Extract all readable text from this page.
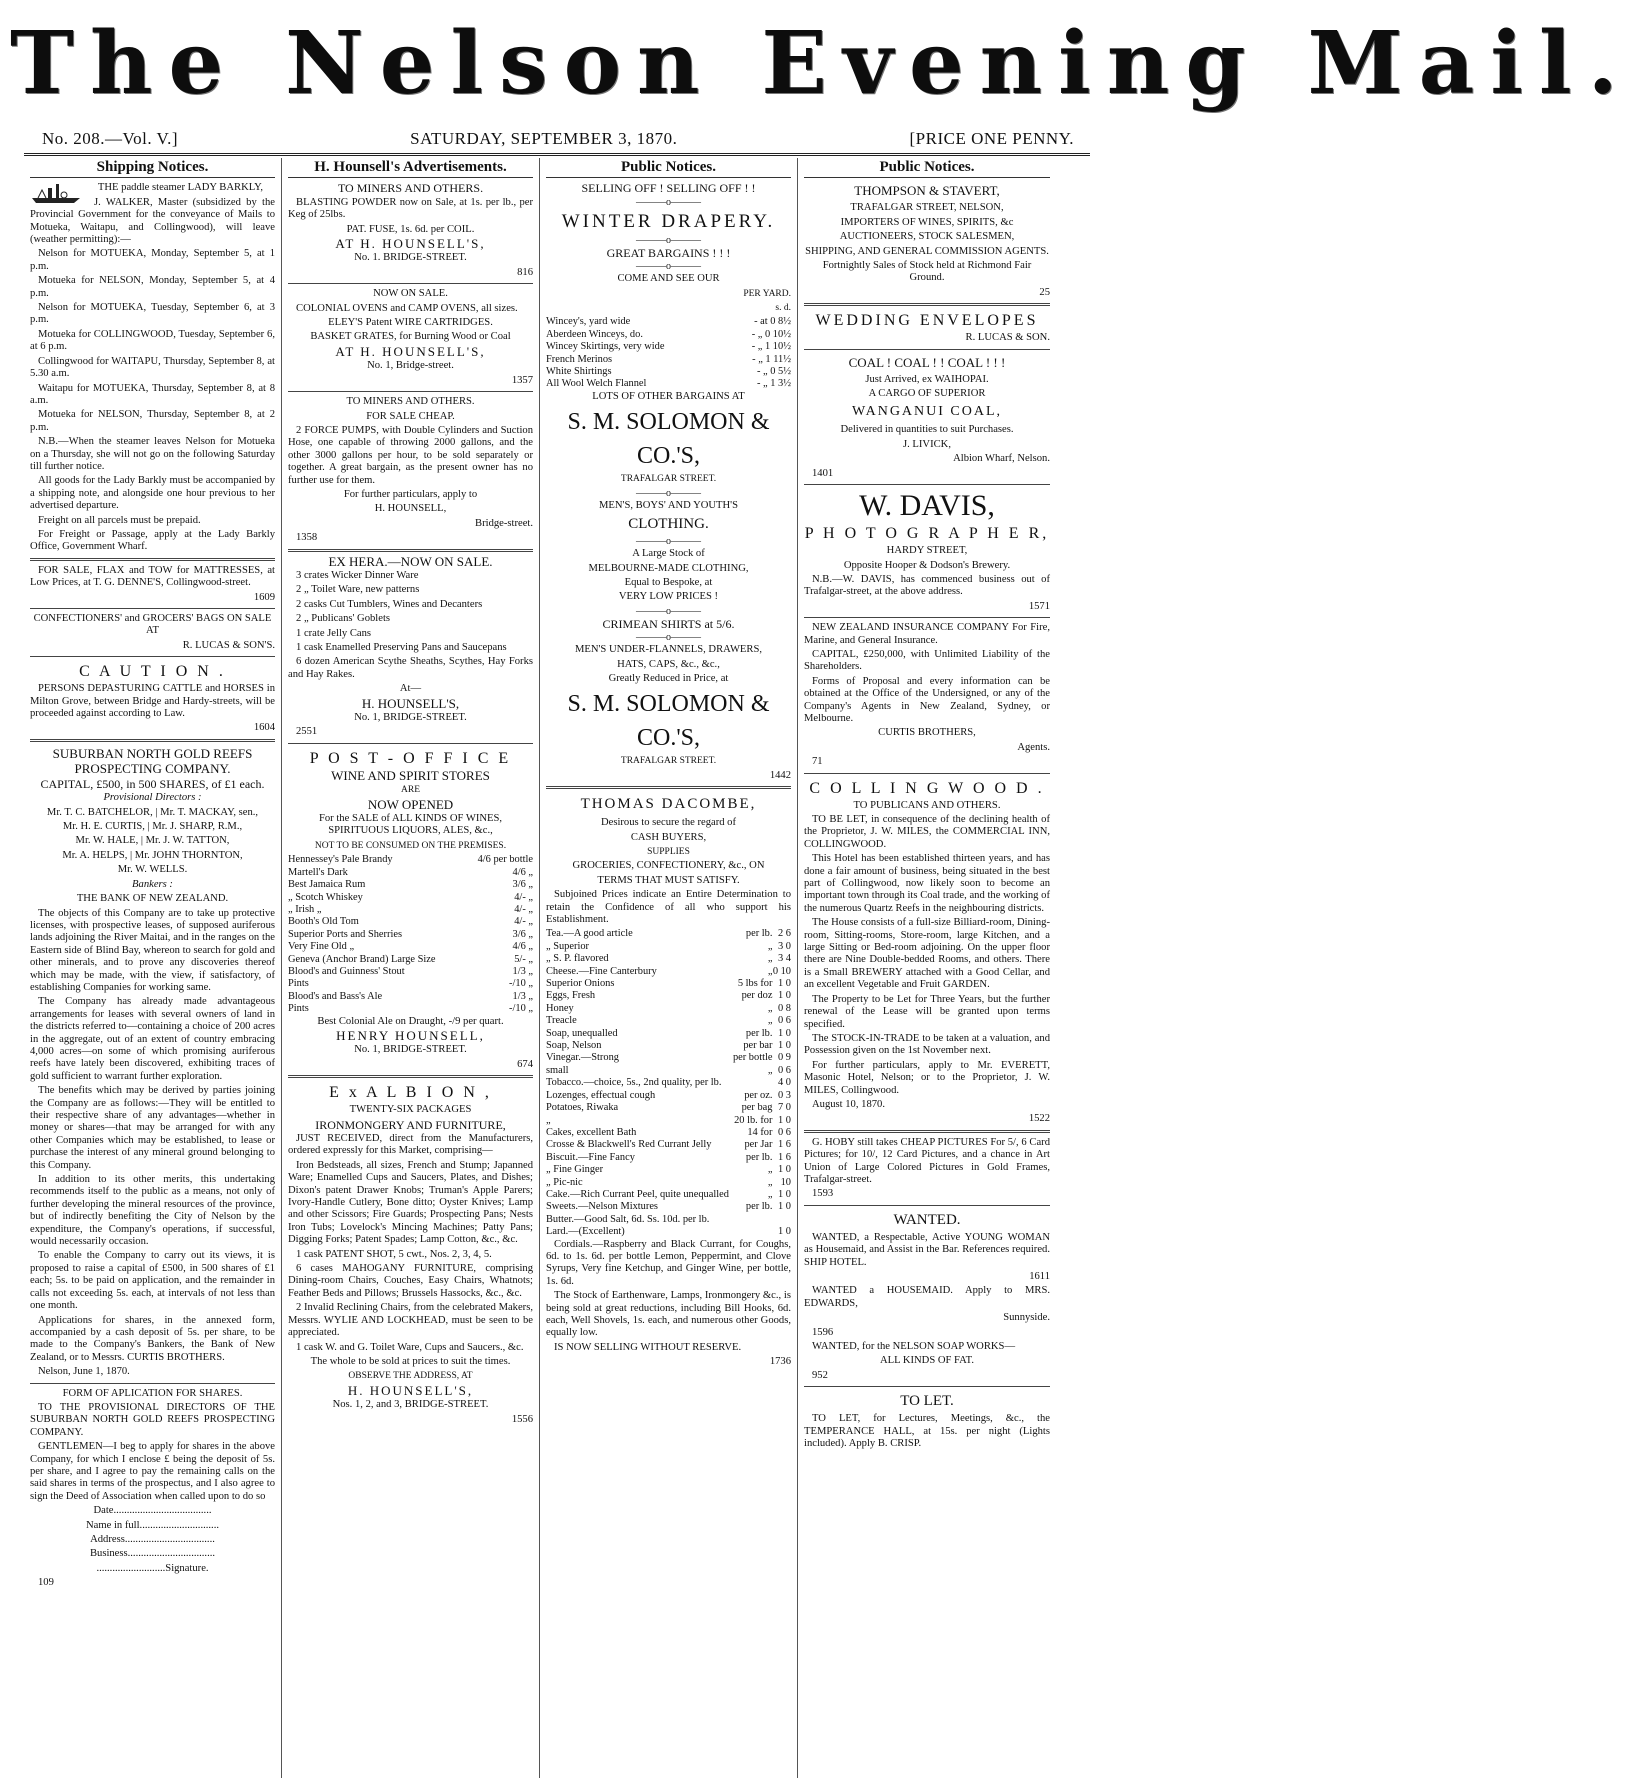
The Nelson Evening Mail.
No. 208.—Vol. V.]	SATURDAY, SEPTEMBER 3, 1870.	[PRICE ONE PENNY.
Shipping Notices.

THE paddle steamer LADY BARKLY,

J. WALKER, Master (subsidized by the Provincial Government for the conveyance of Mails to Motueka, Waitapu, and Collingwood), will leave (weather permitting):—

Nelson for MOTUEKA, Monday, September 5, at 1 p.m.

Motueka for NELSON, Monday, September 5, at 4 p.m.

Nelson for MOTUEKA, Tuesday, September 6, at 3 p.m.

Motueka for COLLINGWOOD, Tuesday, September 6, at 6 p.m.

Collingwood for WAITAPU, Thursday, September 8, at 5.30 a.m.

Waitapu for MOTUEKA, Thursday, September 8, at 8 a.m.

Motueka for NELSON, Thursday, September 8, at 2 p.m.

N.B.—When the steamer leaves Nelson for Motueka on a Thursday, she will not go on the following Saturday till further notice.

All goods for the Lady Barkly must be accompanied by a shipping note, and alongside one hour previous to her advertised departure.

Freight on all parcels must be prepaid.

For Freight or Passage, apply at the Lady Barkly Office, Government Wharf.

FOR SALE, FLAX and TOW for MATTRESSES, at Low Prices, at T. G. DENNE'S, Collingwood-street.

1609

CONFECTIONERS' and GROCERS' BAGS ON SALE AT

R. LUCAS & SON'S.

C A U T I O N .

PERSONS DEPASTURING CATTLE and HORSES in Milton Grove, between Bridge and Hardy-streets, will be proceeded against according to Law.

1604

SUBURBAN NORTH GOLD REEFS PROSPECTING COMPANY.

CAPITAL, £500, in 500 SHARES, of £1 each.

Provisional Directors :

Mr. T. C. BATCHELOR, | Mr. T. MACKAY, sen.,

Mr. H. E. CURTIS, | Mr. J. SHARP, R.M.,

Mr. W. HALE, | Mr. J. W. TATTON,

Mr. A. HELPS, | Mr. JOHN THORNTON,

Mr. W. WELLS.

Bankers :

THE BANK OF NEW ZEALAND.

The objects of this Company are to take up protective licenses, with prospective leases, of supposed auriferous lands adjoining the River Maitai, and in the ranges on the Eastern side of Blind Bay, whereon to search for gold and other minerals, and to prove any discoveries thereof which may be made, with the view, if satisfactory, of establishing Companies for working same.

The Company has already made advantageous arrangements for leases with several owners of land in the districts referred to—containing a choice of 200 acres in the aggregate, out of an extent of country embracing 4,000 acres—on some of which promising auriferous reefs have lately been discovered, exhibiting traces of gold sufficient to warrant further exploration.

The benefits which may be derived by parties joining the Company are as follows:—They will be entitled to their respective share of any advantages—whether in money or shares—that may be arranged for with any other Companies which may be established, to lease or purchase the interest of any mineral ground belonging to this Company.

In addition to its other merits, this undertaking recommends itself to the public as a means, not only of further developing the mineral resources of the province, but of indirectly benefiting the City of Nelson by the expenditure, the Company's operations, if successful, would necessarily occasion.

To enable the Company to carry out its views, it is proposed to raise a capital of £500, in 500 shares of £1 each; 5s. to be paid on application, and the remainder in calls not exceeding 5s. each, at intervals of not less than one month.

Applications for shares, in the annexed form, accompanied by a cash deposit of 5s. per share, to be made to the Company's Bankers, the Bank of New Zealand, or to Messrs. CURTIS BROTHERS.

Nelson, June 1, 1870.

FORM OF APLICATION FOR SHARES.

TO THE PROVISIONAL DIRECTORS OF THE SUBURBAN NORTH GOLD REEFS PROSPECTING COMPANY.

GENTLEMEN—I beg to apply for shares in the above Company, for which I enclose £ being the deposit of 5s. per share, and I agree to pay the remaining calls on the said shares in terms of the prospectus, and I also agree to sign the Deed of Association when called upon to do so

Date.....................................

Name in full..............................

Address..................................

Business.................................

..........................Signature.

109

H. Hounsell's Advertisements.

TO MINERS AND OTHERS.

BLASTING POWDER now on Sale, at 1s. per lb., per Keg of 25lbs.

PAT. FUSE, 1s. 6d. per COIL.

AT H. HOUNSELL'S,

No. 1. BRIDGE-STREET.

816

NOW ON SALE.

COLONIAL OVENS and CAMP OVENS, all sizes.

ELEY'S Patent WIRE CARTRIDGES.

BASKET GRATES, for Burning Wood or Coal

AT H. HOUNSELL'S,

No. 1, Bridge-street.

1357

TO MINERS AND OTHERS.

FOR SALE CHEAP.

2 FORCE PUMPS, with Double Cylinders and Suction Hose, one capable of throwing 2000 gallons, and the other 3000 gallons per hour, to be sold separately or together. A great bargain, as the present owner has no further use for them.

For further particulars, apply to

H. HOUNSELL,

Bridge-street.

1358

EX HERA.—NOW ON SALE.

3 crates Wicker Dinner Ware

2 „ Toilet Ware, new patterns

2 casks Cut Tumblers, Wines and Decanters

2 „ Publicans' Goblets

1 crate Jelly Cans

1 cask Enamelled Preserving Pans and Saucepans

6 dozen American Scythe Sheaths, Scythes, Hay Forks and Hay Rakes.

At—

H. HOUNSELL'S,

No. 1, BRIDGE-STREET.

2551

P O S T - O F F I C E

WINE AND SPIRIT STORES

ARE

NOW OPENED

For the SALE of ALL KINDS OF WINES, SPIRITUOUS LIQUORS, ALES, &c.,

NOT TO BE CONSUMED ON THE PREMISES.

Hennessey's Pale Brandy	4/6 per bottle
Martell's Dark	4/6 „
Best Jamaica Rum	3/6 „
„ Scotch Whiskey	4/- „
„ Irish „	4/- „
Booth's Old Tom	4/- „
Superior Ports and Sherries	3/6 „
Very Fine Old „	4/6 „
Geneva (Anchor Brand) Large Size	5/- „
Blood's and Guinness' Stout	1/3 „
Pints	-/10 „
Blood's and Bass's Ale	1/3 „
Pints	-/10 „

Best Colonial Ale on Draught, -/9 per quart.

HENRY HOUNSELL,

No. 1, BRIDGE-STREET.

674

E x A L B I O N ,

TWENTY-SIX PACKAGES

IRONMONGERY AND FURNITURE,

JUST RECEIVED, direct from the Manufacturers, ordered expressly for this Market, comprising—

Iron Bedsteads, all sizes, French and Stump; Japanned Ware; Enamelled Cups and Saucers, Plates, and Dishes; Dixon's patent Drawer Knobs; Truman's Apple Parers; Ivory-Handle Cutlery, Bone ditto; Oyster Knives; Lamp and other Scissors; Fire Guards; Prospecting Pans; Nests Iron Tubs; Lovelock's Mincing Machines; Patty Pans; Digging Forks; Patent Spades; Lamp Cotton, &c., &c.

1 cask PATENT SHOT, 5 cwt., Nos. 2, 3, 4, 5.

6 cases MAHOGANY FURNITURE, comprising Dining-room Chairs, Couches, Easy Chairs, Whatnots; Feather Beds and Pillows; Brussels Hassocks, &c., &c.

2 Invalid Reclining Chairs, from the celebrated Makers, Messrs. WYLIE AND LOCKHEAD, must be seen to be appreciated.

1 cask W. and G. Toilet Ware, Cups and Saucers., &c.

The whole to be sold at prices to suit the times.

OBSERVE THE ADDRESS, AT

H. HOUNSELL'S,

Nos. 1, 2, and 3, BRIDGE-STREET.

1556

Public Notices.

SELLING OFF ! SELLING OFF ! !

———o———
WINTER DRAPERY.
———o———

GREAT BARGAINS ! ! !

———o———

COME AND SEE OUR

PER YARD.

s. d.

Wincey's, yard wide	- at 0 8½
Aberdeen Winceys, do.	- „ 0 10½
Wincey Skirtings, very wide	- „ 1 10½
French Merinos	- „ 1 11½
White Shirtings	- „ 0 5½
All Wool Welch Flannel	- „ 1 3½

LOTS OF OTHER BARGAINS AT

S. M. SOLOMON & CO.'S,

TRAFALGAR STREET.

———o———

MEN'S, BOYS' AND YOUTH'S

CLOTHING.

———o———

A Large Stock of

MELBOURNE-MADE CLOTHING,

Equal to Bespoke, at

VERY LOW PRICES !

———o———

CRIMEAN SHIRTS at 5/6.

———o———

MEN'S UNDER-FLANNELS, DRAWERS,

HATS, CAPS, &c., &c.,

Greatly Reduced in Price, at

S. M. SOLOMON & CO.'S,

TRAFALGAR STREET.

1442

THOMAS DACOMBE,

Desirous to secure the regard of

CASH BUYERS,

SUPPLIES

GROCERIES, CONFECTIONERY, &c., ON

TERMS THAT MUST SATISFY.

Subjoined Prices indicate an Entire Determination to retain the Confidence of all who support his Establishment.

Tea.—A good article	per lb.	2 6
„ Superior	„	3 0
„ S. P. flavored	„	3 4
Cheese.—Fine Canterbury	„	0 10
Superior Onions	5 lbs for	1 0
Eggs, Fresh	per doz	1 0
Honey	„	0 8
Treacle	„	0 6
Soap, unequalled	per lb.	1 0
Soap, Nelson	per bar	1 0
Vinegar.—Strong	per bottle	0 9
small	„	0 6
Tobacco.—choice, 5s., 2nd quality, per lb.		4 0
Lozenges, effectual cough	per oz.	0 3
Potatoes, Riwaka	per bag	7 0
„	20 lb. for	1 0
Cakes, excellent Bath	14 for	0 6
Crosse & Blackwell's Red Currant Jelly	per Jar	1 6
Biscuit.—Fine Fancy	per lb.	1 6
„ Fine Ginger	„	1 0
„ Pic-nic	„	10
Cake.—Rich Currant Peel, quite unequalled	„	1 0
Sweets.—Nelson Mixtures	per lb.	1 0
Butter.—Good Salt, 6d. Ss. 10d. per lb.		
Lard.—(Excellent)		1 0

Cordials.—Raspberry and Black Currant, for Coughs, 6d. to 1s. 6d. per bottle Lemon, Peppermint, and Clove Syrups, Very fine Ketchup, and Ginger Wine, per bottle, 1s. 6d.

The Stock of Earthenware, Lamps, Ironmongery &c., is being sold at great reductions, including Bill Hooks, 6d. each, Well Shovels, 1s. each, and numerous other Goods, equally low.

IS NOW SELLING WITHOUT RESERVE.

1736

Public Notices.

THOMPSON & STAVERT,

TRAFALGAR STREET, NELSON,

IMPORTERS OF WINES, SPIRITS, &c

AUCTIONEERS, STOCK SALESMEN,

SHIPPING, AND GENERAL COMMISSION AGENTS.

Fortnightly Sales of Stock held at Richmond Fair Ground.

25

WEDDING ENVELOPES

R. LUCAS & SON.

COAL ! COAL ! ! COAL ! ! !

Just Arrived, ex WAIHOPAI.

A CARGO OF SUPERIOR

WANGANUI COAL,

Delivered in quantities to suit Purchases.

J. LIVICK,

Albion Wharf, Nelson.

1401

W. DAVIS,
P H O T O G R A P H E R,

HARDY STREET,

Opposite Hooper & Dodson's Brewery.

N.B.—W. DAVIS, has commenced business out of Trafalgar-street, at the above address.

1571

NEW ZEALAND INSURANCE COMPANY For Fire, Marine, and General Insurance.

CAPITAL, £250,000, with Unlimited Liability of the Shareholders.

Forms of Proposal and every information can be obtained at the Office of the Undersigned, or any of the Company's Agents in New Zealand, Sydney, or Melbourne.

CURTIS BROTHERS,

Agents.

71

C O L L I N G W O O D .

TO PUBLICANS AND OTHERS.

TO BE LET, in consequence of the declining health of the Proprietor, J. W. MILES, the COMMERCIAL INN, COLLINGWOOD.

This Hotel has been established thirteen years, and has done a fair amount of business, being situated in the best part of Collingwood, now likely soon to become an important town through its Coal trade, and the working of the numerous Quartz Reefs in the neighbouring districts.

The House consists of a full-size Billiard-room, Dining-room, Sitting-rooms, Store-room, large Kitchen, and a large Sitting or Bed-room adjoining. On the upper floor there are Nine Double-bedded Rooms, and others. There is a Small BREWERY attached with a Good Cellar, and an excellent Vegetable and Fruit GARDEN.

The Property to be Let for Three Years, but the further renewal of the Lease will be granted upon terms specified.

The STOCK-IN-TRADE to be taken at a valuation, and Possession given on the 1st November next.

For further particulars, apply to Mr. EVERETT, Masonic Hotel, Nelson; or to the Proprietor, J. W. MILES, Collingwood.

August 10, 1870.

1522

G. HOBY still takes CHEAP PICTURES For 5/, 6 Card Pictures; for 10/, 12 Card Pictures, and a chance in Art Union of Large Colored Pictures in Gold Frames, Trafalgar-street.

1593

WANTED.

WANTED, a Respectable, Active YOUNG WOMAN as Housemaid, and Assist in the Bar. References required. SHIP HOTEL.

1611

WANTED a HOUSEMAID. Apply to MRS. EDWARDS,

Sunnyside.

1596

WANTED, for the NELSON SOAP WORKS—

ALL KINDS OF FAT.

952

TO LET.

TO LET, for Lectures, Meetings, &c., the TEMPERANCE HALL, at 15s. per night (Lights included). Apply B. CRISP.
